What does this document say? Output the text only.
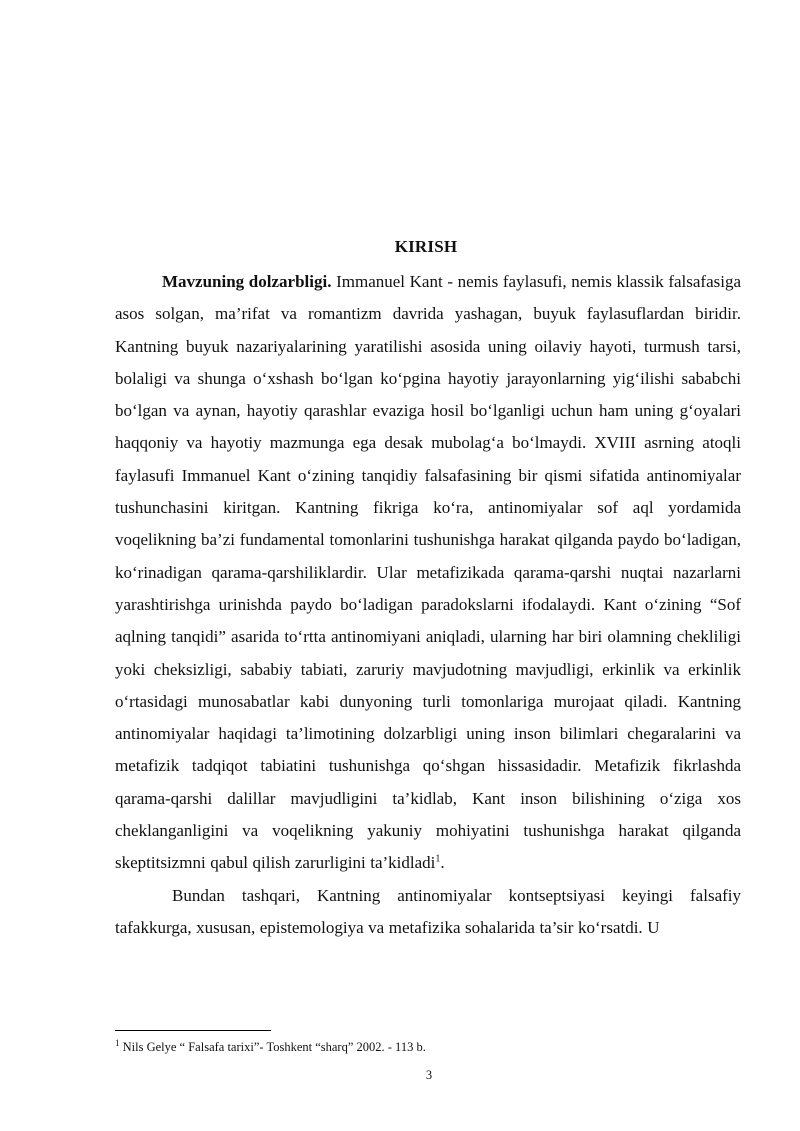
KIRISH

Mavzuning dolzarbligi. Immanuel Kant - nemis faylasufi, nemis klassik falsafasiga asos solgan, ma’rifat va romantizm davrida yashagan, buyuk faylasuflardan biridir. Kantning buyuk nazariyalarining yaratilishi asosida uning oilaviy hayoti, turmush tarsi, bolaligi va shunga oʻxshash boʻlgan koʻpgina hayotiy jarayonlarning yigʻilishi sababchi boʻlgan va aynan, hayotiy qarashlar evaziga hosil boʻlganligi uchun ham uning gʻoyalari haqqoniy va hayotiy mazmunga ega desak mubolagʻa boʻlmaydi. XVIII asrning atoqli faylasufi Immanuel Kant oʻzining tanqidiy falsafasining bir qismi sifatida antinomiyalar tushunchasini kiritgan. Kantning fikriga koʻra, antinomiyalar sof aql yordamida voqelikning ba’zi fundamental tomonlarini tushunishga harakat qilganda paydo boʻladigan, koʻrinadigan qarama-qarshiliklardir. Ular metafizikada qarama-qarshi nuqtai nazarlarni yarashtirishga urinishda paydo boʻladigan paradokslarni ifodalaydi. Kant oʻzining “Sof aqlning tanqidi” asarida toʻrtta antinomiyani aniqladi, ularning har biri olamning chekliligi yoki cheksizligi, sababiy tabiati, zaruriy mavjudotning mavjudligi, erkinlik va erkinlik oʻrtasidagi munosabatlar kabi dunyoning turli tomonlariga murojaat qiladi. Kantning antinomiyalar haqidagi ta’limotining dolzarbligi uning inson bilimlari chegaralarini va metafizik tadqiqot tabiatini tushunishga qoʻshgan hissasidadir. Metafizik fikrlashda qarama-qarshi dalillar mavjudligini ta’kidlab, Kant inson bilishining oʻziga xos cheklanganligini va voqelikning yakuniy mohiyatini tushunishga harakat qilganda skeptitsizmni qabul qilish zarurligini ta’kidladi$^1$.

Bundan tashqari, Kantning antinomiyalar kontseptsiyasi keyingi falsafiy tafakkurga, xususan, epistemologiya va metafizika sohalarida ta’sir koʻrsatdi. U

$^1$ Nils Gelye “ Falsafa tarixi”- Toshkent “sharq” 2002. - 113 b.
3
